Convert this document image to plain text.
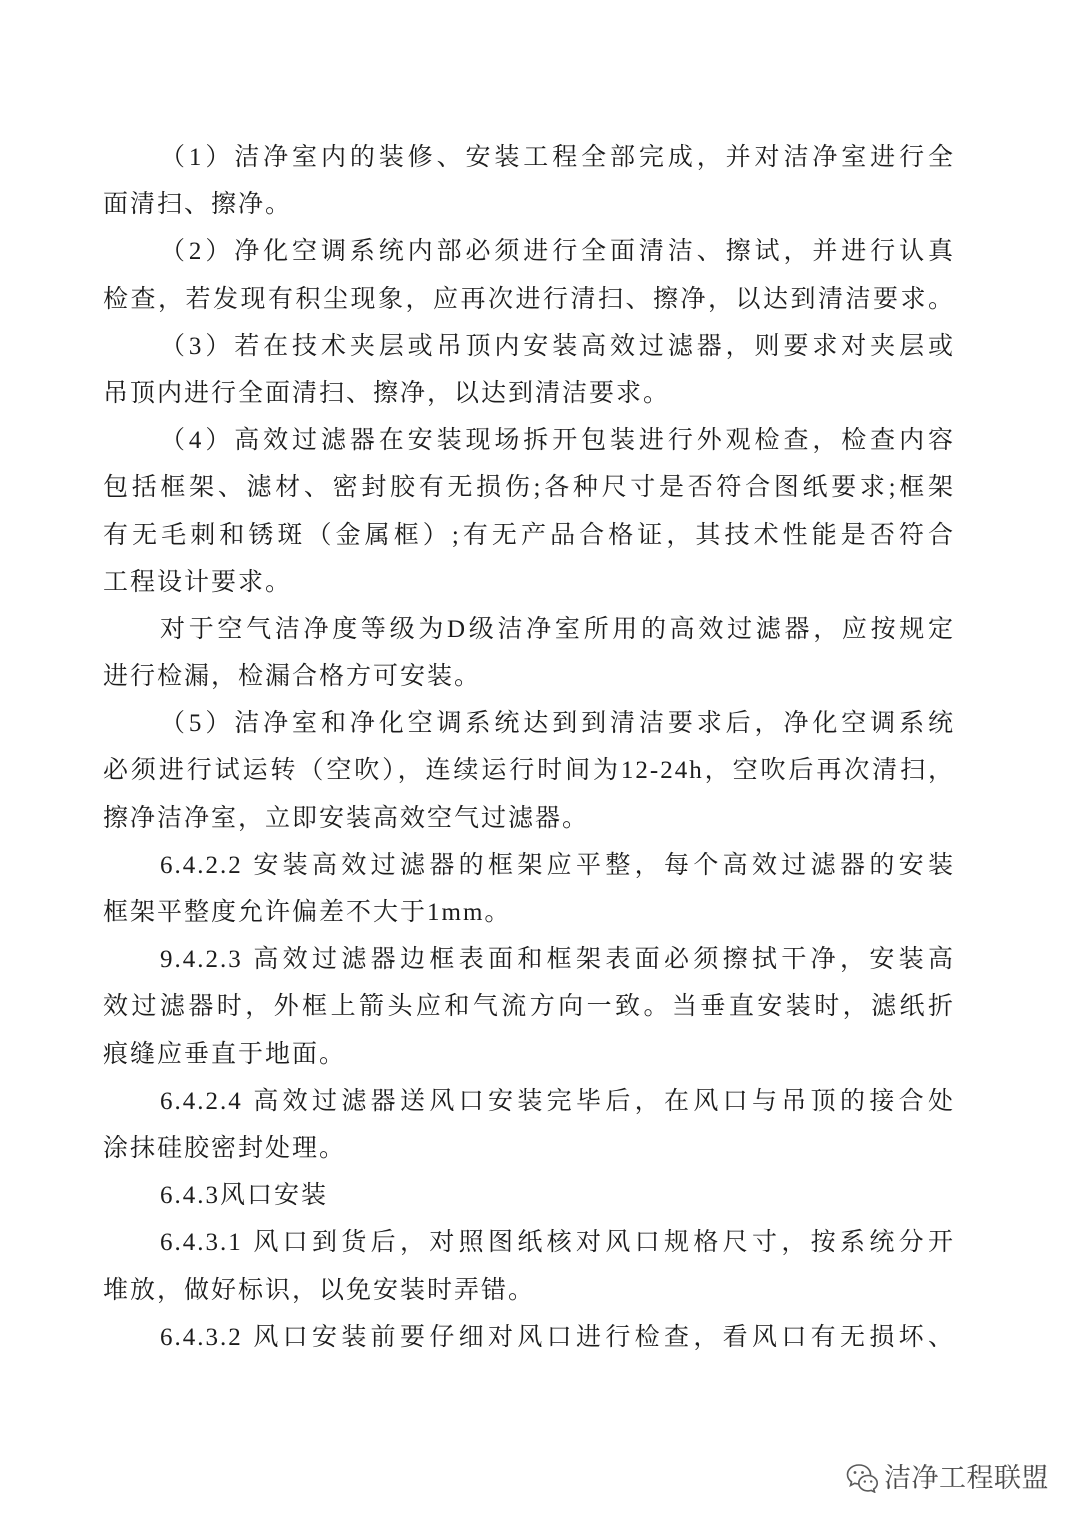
（1）洁净室内的装修、安装工程全部完成，并对洁净室进行全
面清扫、擦净。
（2）净化空调系统内部必须进行全面清洁、擦试，并进行认真
检查，若发现有积尘现象，应再次进行清扫、擦净，以达到清洁要求。
（3）若在技术夹层或吊顶内安装高效过滤器，则要求对夹层或
吊顶内进行全面清扫、擦净，以达到清洁要求。
（4）高效过滤器在安装现场拆开包装进行外观检查，检查内容
包括框架、滤材、密封胶有无损伤;各种尺寸是否符合图纸要求;框架
有无毛刺和锈斑（金属框）;有无产品合格证，其技术性能是否符合
工程设计要求。
对于空气洁净度等级为D级洁净室所用的高效过滤器，应按规定
进行检漏，检漏合格方可安装。
（5）洁净室和净化空调系统达到到清洁要求后，净化空调系统
必须进行试运转（空吹），连续运行时间为12-24h，空吹后再次清扫，
擦净洁净室，立即安装高效空气过滤器。
6.4.2.2 安装高效过滤器的框架应平整，每个高效过滤器的安装
框架平整度允许偏差不大于1mm。
9.4.2.3 高效过滤器边框表面和框架表面必须擦拭干净，安装高
效过滤器时，外框上箭头应和气流方向一致。当垂直安装时，滤纸折
痕缝应垂直于地面。
6.4.2.4 高效过滤器送风口安装完毕后，在风口与吊顶的接合处
涂抹硅胶密封处理。
6.4.3风口安装
6.4.3.1 风口到货后，对照图纸核对风口规格尺寸，按系统分开
堆放，做好标识，以免安装时弄错。
6.4.3.2 风口安装前要仔细对风口进行检查，看风口有无损坏、
洁净工程联盟
